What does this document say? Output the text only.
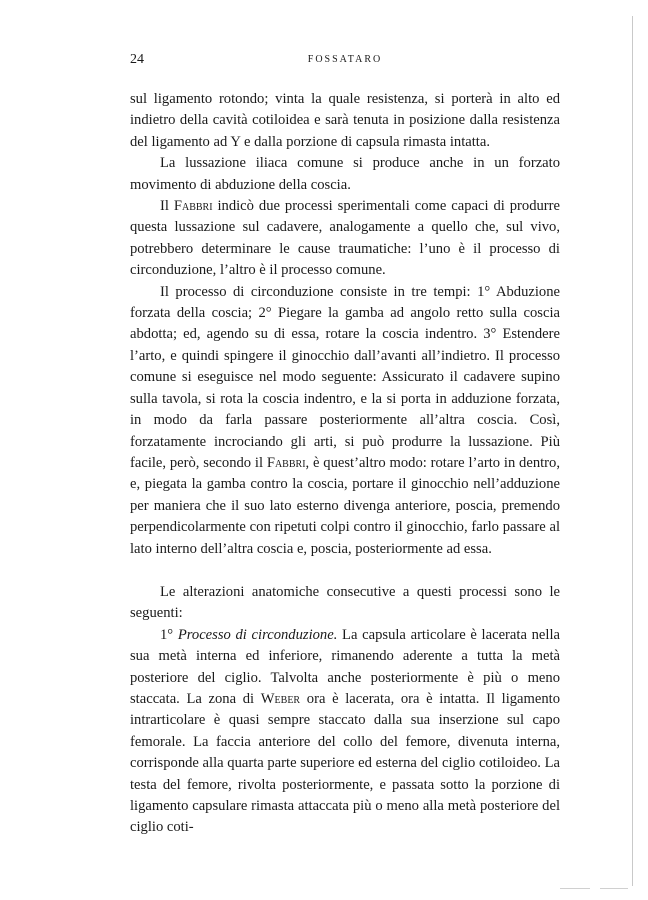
24	FOSSATARO

sul ligamento rotondo; vinta la quale resistenza, si porterà in alto ed indietro della cavità cotiloidea e sarà tenuta in posizione dalla resistenza del ligamento ad Y e dalla porzione di capsula rimasta intatta.

La lussazione iliaca comune si produce anche in un forzato movimento di abduzione della coscia.

Il Fabbri indicò due processi sperimentali come capaci di produrre questa lussazione sul cadavere, analogamente a quello che, sul vivo, potrebbero determinare le cause traumatiche: l’uno è il processo di circonduzione, l’altro è il processo comune.

Il processo di circonduzione consiste in tre tempi: 1° Abduzione forzata della coscia; 2° Piegare la gamba ad angolo retto sulla coscia abdotta; ed, agendo su di essa, rotare la coscia indentro. 3° Estendere l’arto, e quindi spingere il ginocchio dall’avanti all’indietro. Il processo comune si eseguisce nel modo seguente: Assicurato il cadavere supino sulla tavola, si rota la coscia indentro, e la si porta in adduzione forzata, in modo da farla passare posteriormente all’altra coscia. Così, forzatamente incrociando gli arti, si può produrre la lussazione. Più facile, però, secondo il Fabbri, è quest’altro modo: rotare l’arto in dentro, e, piegata la gamba contro la coscia, portare il ginocchio nell’adduzione per maniera che il suo lato esterno divenga anteriore, poscia, premendo perpendicolarmente con ripetuti colpi contro il ginocchio, farlo passare al lato interno dell’altra coscia e, poscia, posteriormente ad essa.

Le alterazioni anatomiche consecutive a questi processi sono le seguenti:

1° Processo di circonduzione. La capsula articolare è lacerata nella sua metà interna ed inferiore, rimanendo aderente a tutta la metà posteriore del ciglio. Talvolta anche posteriormente è più o meno staccata. La zona di Weber ora è lacerata, ora è intatta. Il ligamento intrarticolare è quasi sempre staccato dalla sua inserzione sul capo femorale. La faccia anteriore del collo del femore, divenuta interna, corrisponde alla quarta parte superiore ed esterna del ciglio cotiloideo. La testa del femore, rivolta posteriormente, e passata sotto la porzione di ligamento capsulare rimasta attaccata più o meno alla metà posteriore del ciglio coti-
